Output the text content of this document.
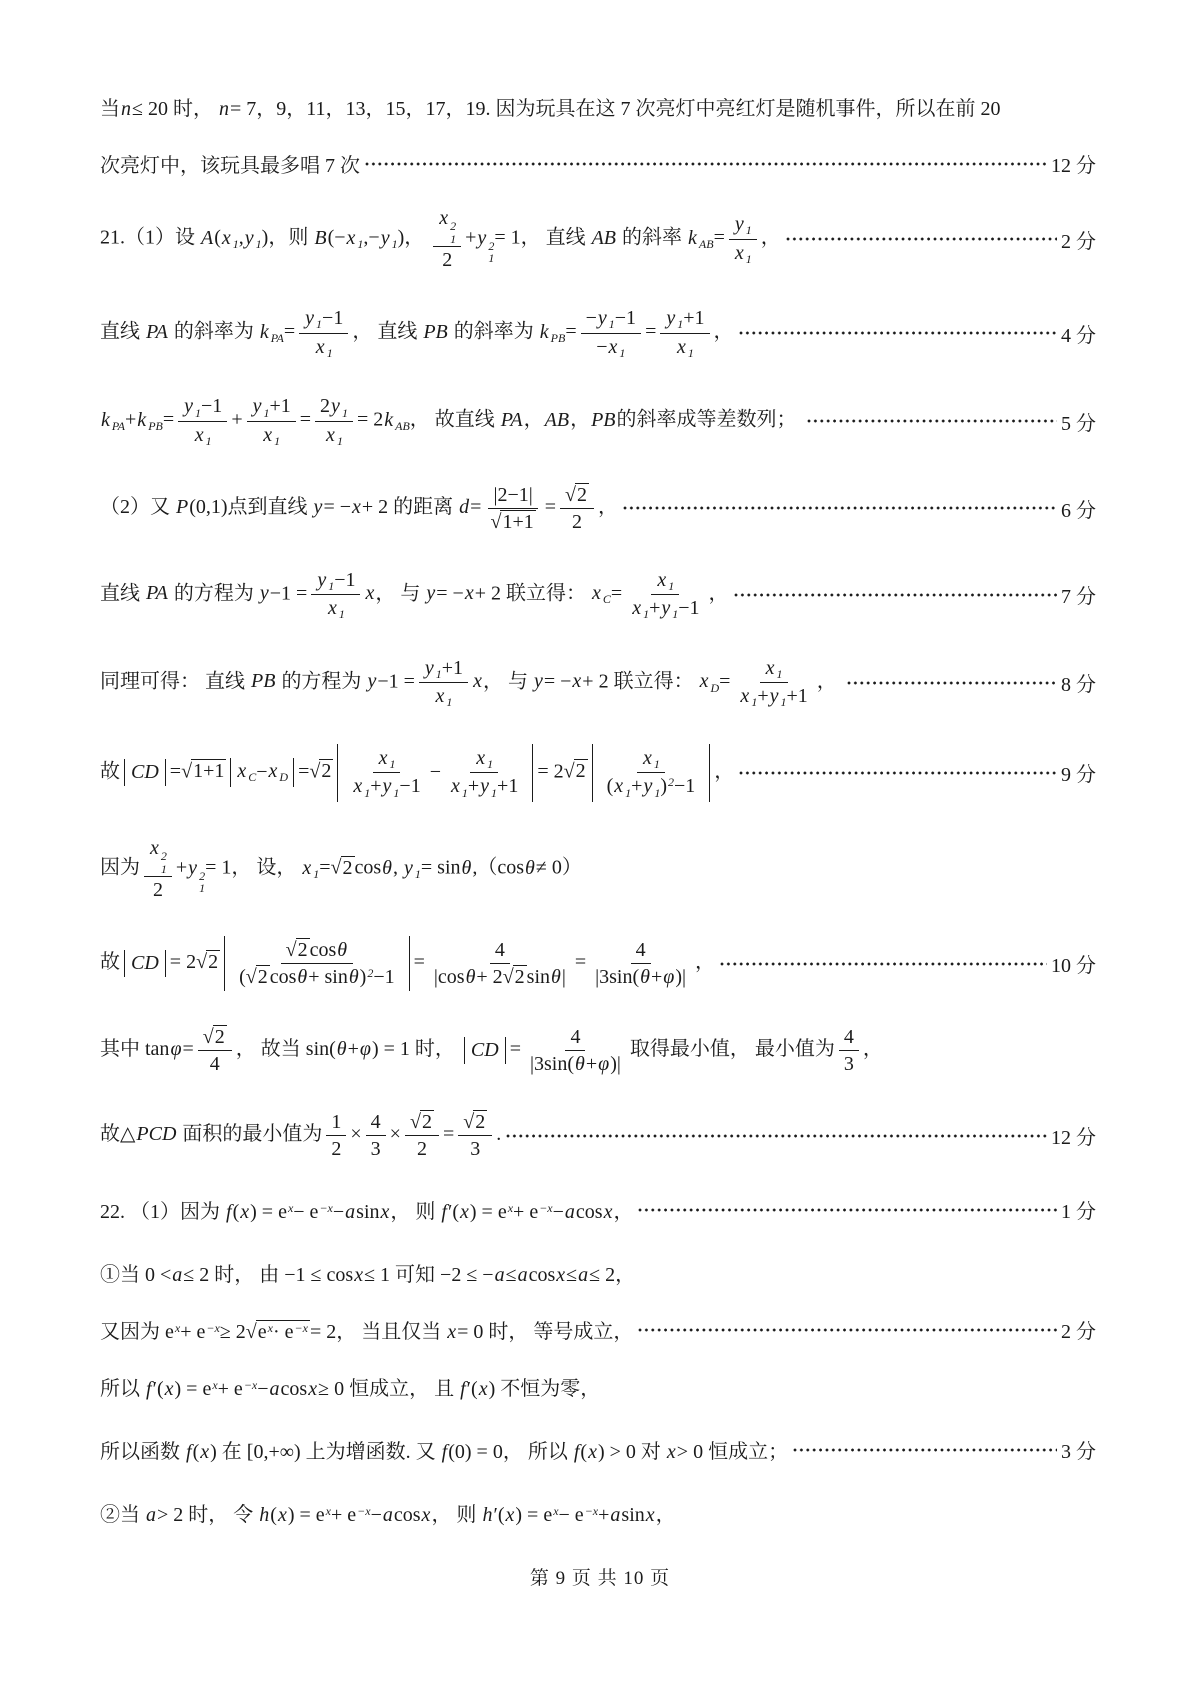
当n≤ 20 时， n= 7，9，11，13，15，17，19. 因为玩具在这 7 次亮灯中亮红灯是随机事件，所以在前 20
次亮灯中，该玩具最多唱 7 次	12 分
21.（1）设 A(x $_1$,y $_1$)，则 B(−x $_1$,−y $_1$)， x 2
1
2 +y 2
1
= 1， 直线 AB 的斜率 k $_{AB}= \frac{y _1}{x _1}$ ，	2 分
直线 PA 的斜率为 k $_{PA}= \frac{y _1-1}{x _1}$ ， 直线 PB 的斜率为 k $_{PB}= \frac{-y _1-1}{-x _1} = \frac{y _1+1}{x _1}$ ，	4 分
k $_{PA}$+k $_{PB}= \frac{y _1-1}{x _1} + \frac{y _1+1}{x _1} = \frac{2y _1}{x _1} = 2k$ $_{AB}$， 故直线 PA，AB，PB的斜率成等差数列；	5 分
（2）又 P(0,1)点到直线 y= −x+ 2 的距离 $d= \frac{|2-1|}{√ 1+1} = \frac{√ 2}{2}$ ，	6 分
直线 PA 的方程为 $y-1 = \frac{y _1-1}{x _1}$ x， 与 y= −x+ 2 联立得： x $_C= \frac{x _1}{x _1+y _1-1}$ ，	7 分
同理可得： 直线 PB 的方程为 $y-1 = \frac{y _1+1}{x _1}$ x， 与 y= −x+ 2 联立得： x $_D= \frac{x _1}{x _1+y _1+1}$ ，	8 分
故 CD =√ 1+1 x $_C$ − x $_D$ =√ $2 \frac{x _1}{x _1+y _1-1} - \frac{x _1}{x _1+y _1+1} = 2√$ $2 \frac{x _1}{(x _1+y _1)^2-1}$ ，	9 分
因为 x 2
1
2 +y 2
1
= 1， 设， x $_1$=√ 2 cosθ, y $_1$= sinθ,（cosθ≠ 0）
故 CD = 2√ $2 \frac{√ 2 \cos\theta}{(√ 2 \cos\theta+ \sin\theta)^2-1} = \frac{4}{|\cos\theta+ 2√ 2 \sin\theta|} = \frac{4}{|3\sin(\theta+\varphi)|}$ ，	10 分
其中 $\tan\varphi= \frac{√ 2}{4}$ ， 故当 sin(θ+φ) = 1 时， CD = $\frac{4}{|3\sin(\theta+\varphi)|}$ 取得最小值， 最小值为 $\frac{4}{3}$ ，
故△PCD 面积的最小值为 $\frac{1}{2} \times \frac{4}{3} \times \frac{√ 2}{2} = \frac{√ 2}{3}$ .	12 分
22. （1）因为 $f(x) = e^x- e^{-x}-asinx$， 则 $f'(x) = e^x+ e^{-x}-acosx$，	1 分
①当 0 <a≤ 2 时， 由 −1 ≤ cosx≤ 1 可知 −2 ≤ −a≤acosx≤a≤ 2，
又因为 $e^x+ e^{-x}\ge 2√$ $e^x\cdot e^{-x} = 2$， 当且仅当 x= 0 时， 等号成立，	2 分
所以 $f'(x) = e^x+ e^{-x}-acosx\ge 0$ 恒成立， 且 f′(x) 不恒为零，
所以函数 f(x) 在 [0,+∞) 上为增函数. 又 f(0) = 0， 所以 f(x) > 0 对 x> 0 恒成立；	3 分
②当 a> 2 时， 令 $h(x) = e^x+ e^{-x}-acosx$， 则 $h'(x) = e^x- e^{-x}+asinx$，
第 9 页 共 10 页
